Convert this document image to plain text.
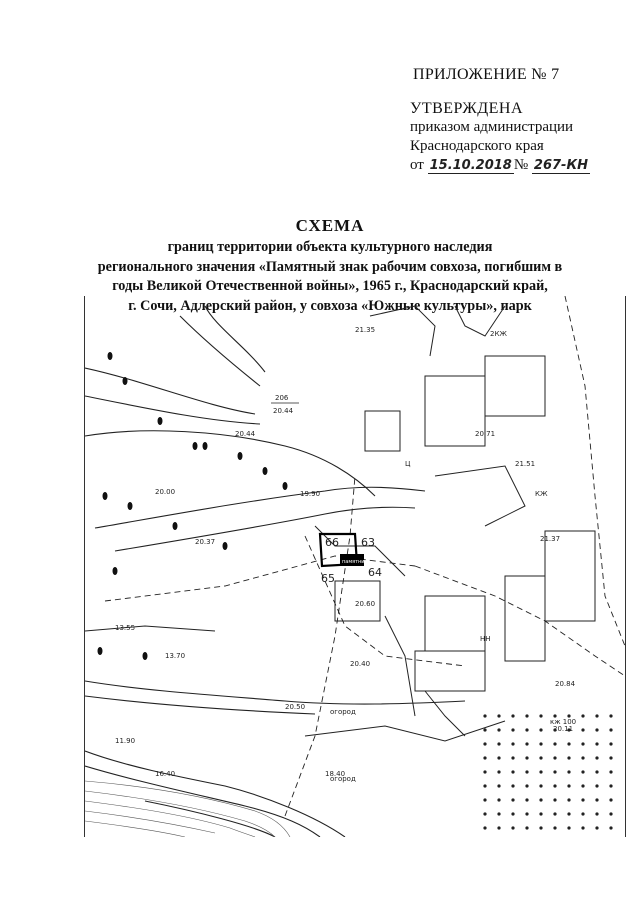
ПРИЛОЖЕНИЕ № 7
УТВЕРЖДЕНА
приказом администрации
Краснодарского края
от 15.10.2018 № 267-КН
СХЕМА
границ территории объекта культурного наследия
регионального значения «Памятный знак рабочим совхоза, погибшим в
годы Великой Отечественной войны», 1965 г., Краснодарский край,
г. Сочи, Адлерский район, у совхоза «Южные культуры», парк
памятник
65	64
63
66
2КЖ
КЖ
Ц
НН
огород
огород
кж 100
206
20.44
20.44
20.00
20.50
20.40
21.35
20.71
20.37
19.90
18.40
13.70
13.55
11.90
16.40
20.60
21.37
21.51
20.84
20.11
